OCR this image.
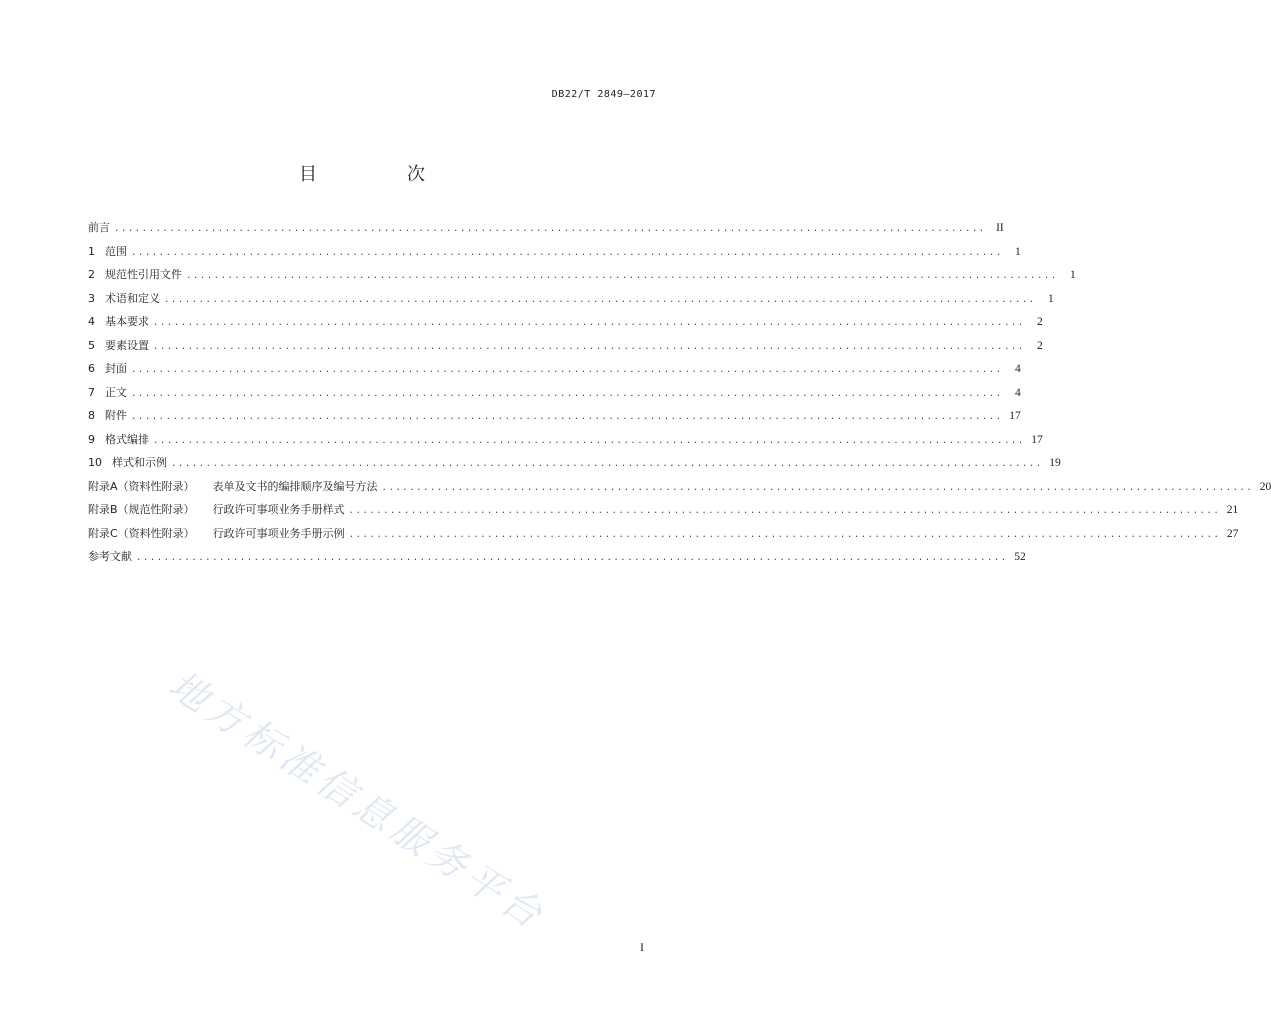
DB22/T 2849—2017
目　次
前言 .............................................................................................................................. II
1 范围 ..............................................................................................................................	1
2 规范性引用文件 ..............................................................................................................................	1
3 术语和定义 ..............................................................................................................................	1
4 基本要求 ..............................................................................................................................	2
5 要素设置 ..............................................................................................................................	2
6 封面 ..............................................................................................................................	4
7 正文 ..............................................................................................................................	4
8 附件 .............................................................................................................................. 17
9 格式编排 .............................................................................................................................. 17
10 样式和示例 .............................................................................................................................. 19
附录A（资料性附录） 表单及文书的编排顺序及编号方法 .............................................................................................................................. 20
附录B（规范性附录） 行政许可事项业务手册样式 .............................................................................................................................. 21
附录C（资料性附录） 行政许可事项业务手册示例 .............................................................................................................................. 27
参考文献 .............................................................................................................................. 52
地方标准信息服务平台
I
